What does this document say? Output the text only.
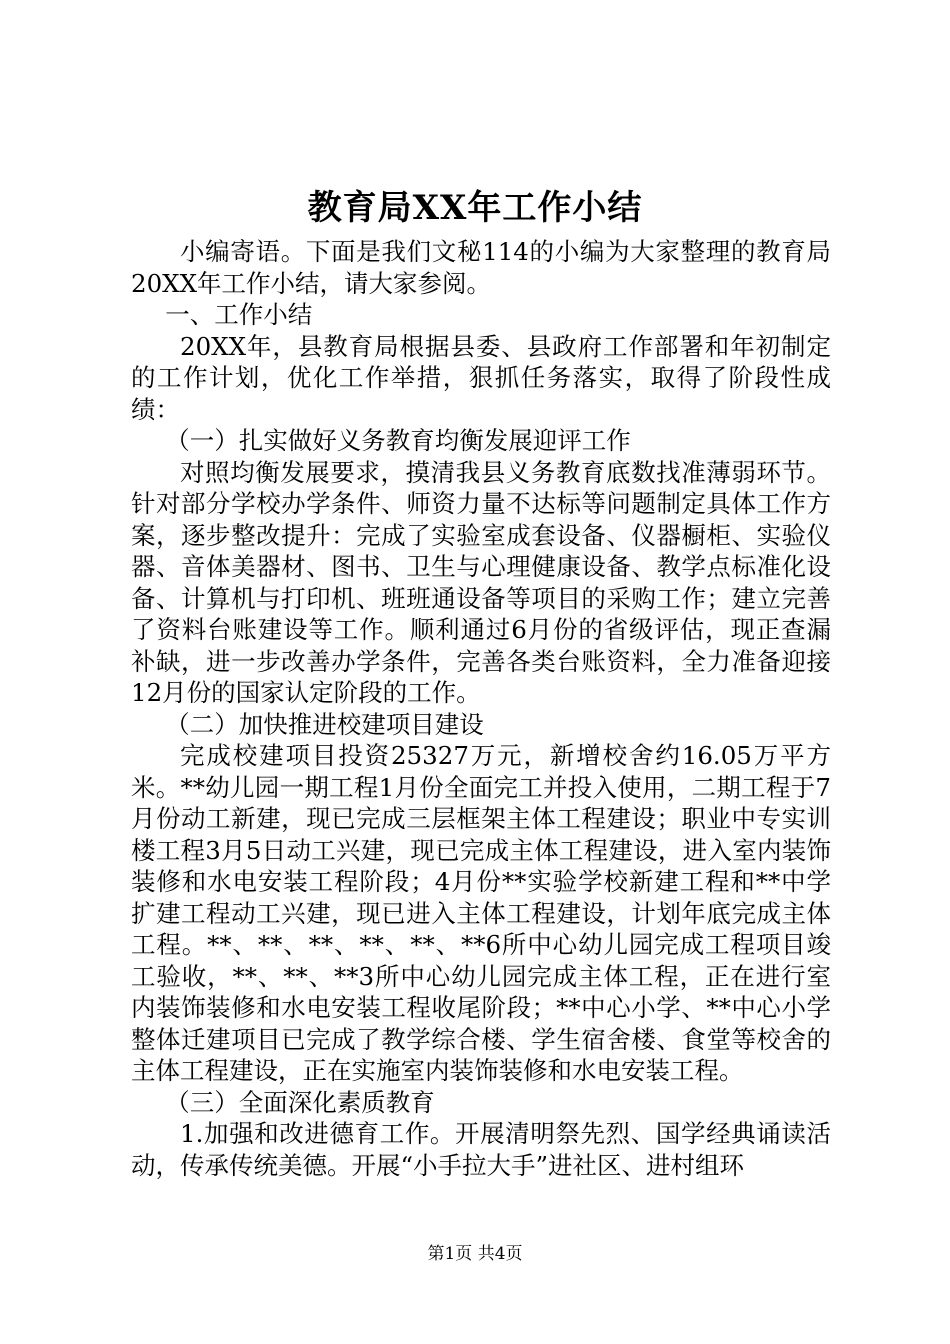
教育局XX年工作小结

小编寄语。下面是我们文秘114的小编为大家整理的教育局20XX年工作小结，请大家参阅。

一、工作小结

20XX年，县教育局根据县委、县政府工作部署和年初制定的工作计划，优化工作举措，狠抓任务落实，取得了阶段性成绩：

（一）扎实做好义务教育均衡发展迎评工作

对照均衡发展要求，摸清我县义务教育底数找准薄弱环节。针对部分学校办学条件、师资力量不达标等问题制定具体工作方案，逐步整改提升：完成了实验室成套设备、仪器橱柜、实验仪器、音体美器材、图书、卫生与心理健康设备、教学点标准化设备、计算机与打印机、班班通设备等项目的采购工作；建立完善了资料台账建设等工作。顺利通过6月份的省级评估，现正查漏补缺，进一步改善办学条件，完善各类台账资料，全力准备迎接12月份的国家认定阶段的工作。

（二）加快推进校建项目建设

完成校建项目投资25327万元，新增校舍约16.05万平方米。**幼儿园一期工程1月份全面完工并投入使用，二期工程于7月份动工新建，现已完成三层框架主体工程建设；职业中专实训楼工程3月5日动工兴建，现已完成主体工程建设，进入室内装饰装修和水电安装工程阶段；4月份**实验学校新建工程和**中学扩建工程动工兴建，现已进入主体工程建设，计划年底完成主体工程。**、**、**、**、**、**6所中心幼儿园完成工程项目竣工验收，**、**、**3所中心幼儿园完成主体工程，正在进行室内装饰装修和水电安装工程收尾阶段；**中心小学、**中心小学整体迁建项目已完成了教学综合楼、学生宿舍楼、食堂等校舍的主体工程建设，正在实施室内装饰装修和水电安装工程。

（三）全面深化素质教育

1.加强和改进德育工作。开展清明祭先烈、国学经典诵读活动，传承传统美德。开展“小手拉大手”进社区、进村组环

第1页 共4页
